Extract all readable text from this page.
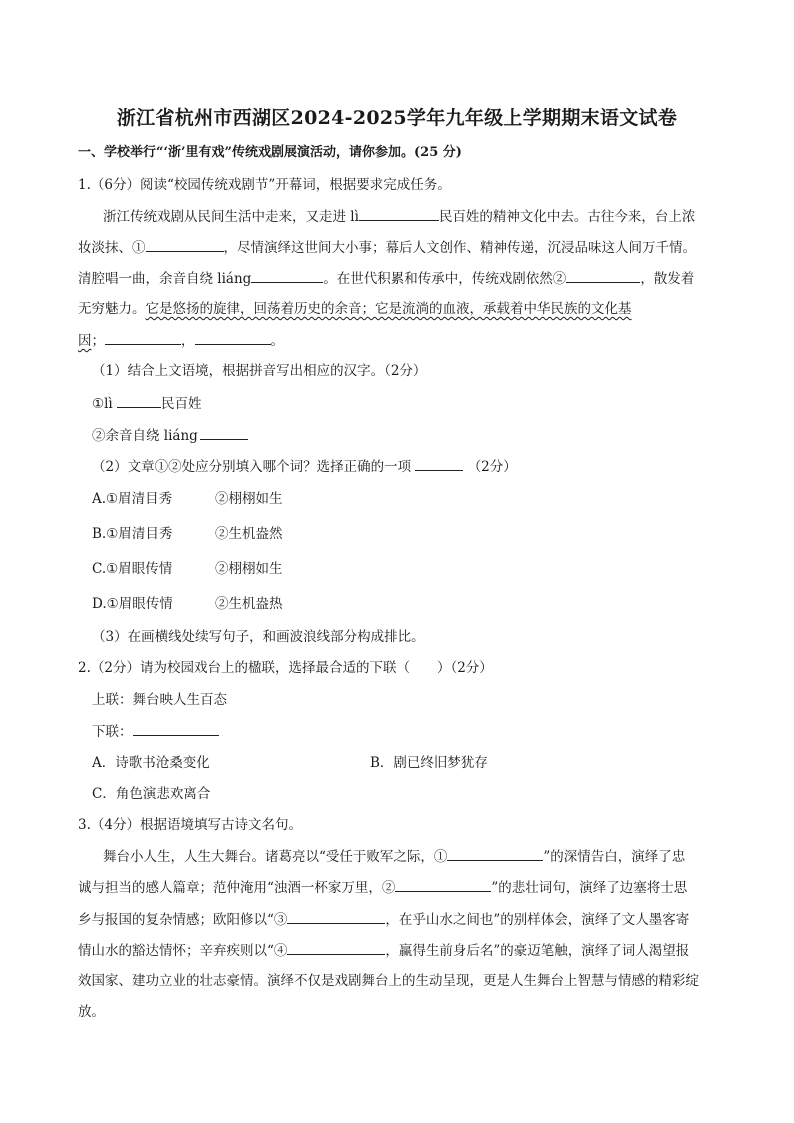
浙江省杭州市西湖区2024-2025学年九年级上学期期末语文试卷
一、学校举行“‘浙’里有戏”传统戏剧展演活动，请你参加。(25 分)
1.（6分）阅读“校园传统戏剧节”开幕词，根据要求完成任务。
浙江传统戏剧从民间生活中走来，又走进 lì	民百姓的精神文化中去。古往今来，台上浓
妆淡抹、①	，尽情演绎这世间大小事；幕后人文创作、精神传递，沉浸品味这人间万千情。
清腔唱一曲，余音自绕 liáng	。在世代积累和传承中，传统戏剧依然②	，散发着
无穷魅力。它是悠扬的旋律，回荡着历史的余音；它是流淌的血液，承载着中华民族的文化基
因；	，	。
（1）结合上文语境，根据拼音写出相应的汉字。（2分）
①lì	民百姓
②余音自绕 liáng
（2）文章①②处应分别填入哪个词？选择正确的一项	（2分）
A.①眉清目秀	②栩栩如生
B.①眉清目秀	②生机盎然
C.①眉眼传情	②栩栩如生
D.①眉眼传情	②生机盎热
（3）在画横线处续写句子，和画波浪线部分构成排比。
2.（2分）请为校园戏台上的楹联，选择最合适的下联（　　）（2分）
上联：舞台映人生百态
下联：
A．诗歌书沧桑变化	B．剧已终旧梦犹存
C．角色演悲欢离合
3.（4分）根据语境填写古诗文名句。
舞台小人生，人生大舞台。诸葛亮以“受任于败军之际，①	”的深情告白，演绎了忠
诚与担当的感人篇章；范仲淹用“浊酒一杯家万里，②	”的悲壮词句，演绎了边塞将士思
乡与报国的复杂情感；欧阳修以“③	，在乎山水之间也”的别样体会，演绎了文人墨客寄
情山水的豁达情怀；辛弃疾则以“④	，赢得生前身后名”的豪迈笔触，演绎了词人渴望报
效国家、建功立业的壮志豪情。演绎不仅是戏剧舞台上的生动呈现，更是人生舞台上智慧与情感的精彩绽
放。
